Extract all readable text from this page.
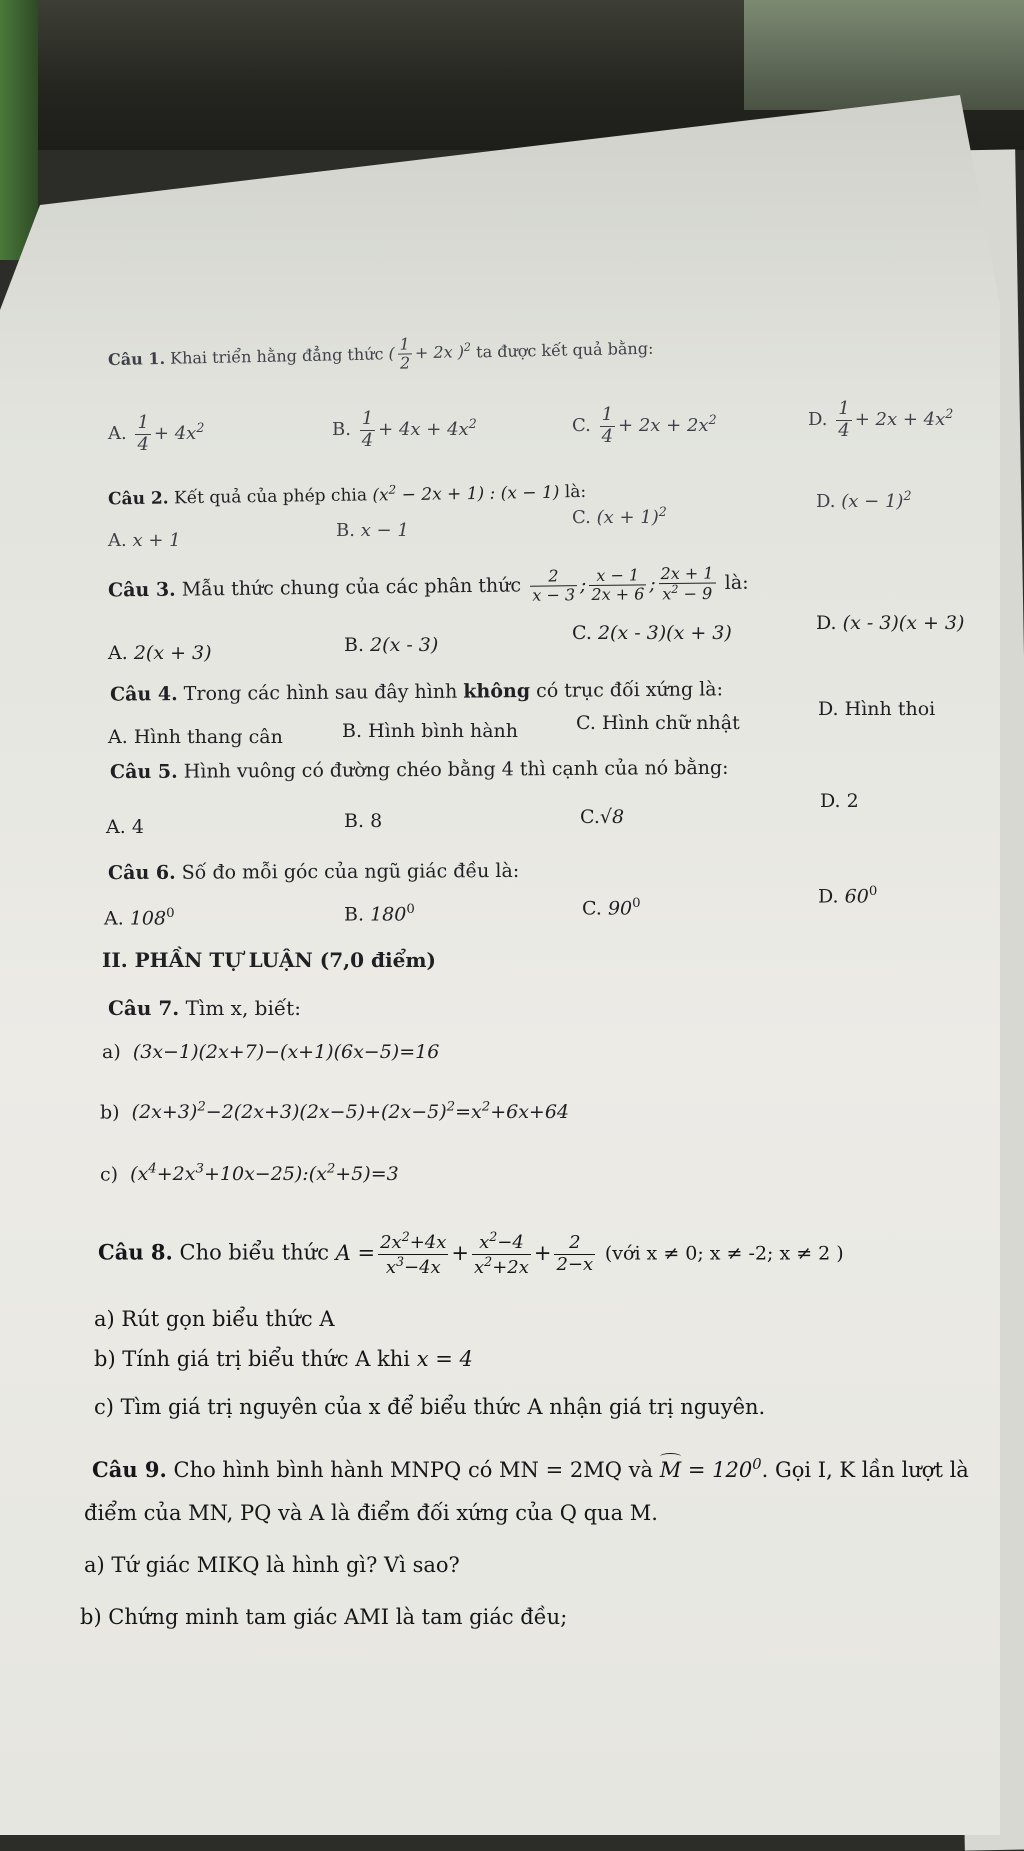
Câu 1. Khai triển hằng đẳng thức ( $\frac{1}{2} + 2x$ )$^2$ ta được kết quả bằng:
A. $\frac{1}{4} + 4x^2$	B. $\frac{1}{4} + 4x + 4x^2$	C. $\frac{1}{4} + 2x + 2x^2$	D. $\frac{1}{4} + 2x + 4x^2$
Câu 2. Kết quả của phép chia $(x^2 - 2x + 1)$ : (x − 1) là:
A. x + 1	B. x − 1
C. $(x + 1)^2$	D. $(x - 1)^2$
Câu 3. Mẫu thức chung của các phân thức $\frac{2}{x - 3}$ ; $\frac{x - 1}{2x + 6}$ ; $\frac{2x + 1}{x^2 - 9}$ là:
A. 2(x + 3)	B. 2(x - 3)
C. 2(x - 3)(x + 3)	D. (x - 3)(x + 3)
Câu 4. Trong các hình sau đây hình không có trục đối xứng là:
A. Hình thang cân	B. Hình bình hành	C. Hình chữ nhật
D. Hình thoi
Câu 5. Hình vuông có đường chéo bằng 4 thì cạnh của nó bằng:
A. 4	B. 8	C.√8
D. 2
Câu 6. Số đo mỗi góc của ngũ giác đều là:
A. $108^0$	B. $180^0$	C. $90^0$	D. $60^0$
II. PHẦN TỰ LUẬN (7,0 điểm)
Câu 7. Tìm x, biết:
a) (3x−1)(2x+7)−(x+1)(6x−5)=16
b) $(2x+3)^2-2(2x+3)(2x-5)+(2x-5)^2=x^2+6x+64$
c) $(x^4+2x^3+10x-25):(x^2+5)=3$
Câu 8. Cho biểu thức $A = \frac{2x^2+4x}{x^3-4x} + \frac{x^2-4}{x^2+2x} + \frac{2}{2-x}$ (với x ≠ 0; x ≠ -2; x ≠ 2 )
a) Rút gọn biểu thức A
b) Tính giá trị biểu thức A khi x = 4
c) Tìm giá trị nguyên của x để biểu thức A nhận giá trị nguyên.
Câu 9. Cho hình bình hành MNPQ có MN = 2MQ và $M = 120^0$. Gọi I, K lần lượt là
điểm của MN, PQ và A là điểm đối xứng của Q qua M.
a) Tứ giác MIKQ là hình gì? Vì sao?
b) Chứng minh tam giác AMI là tam giác đều;
